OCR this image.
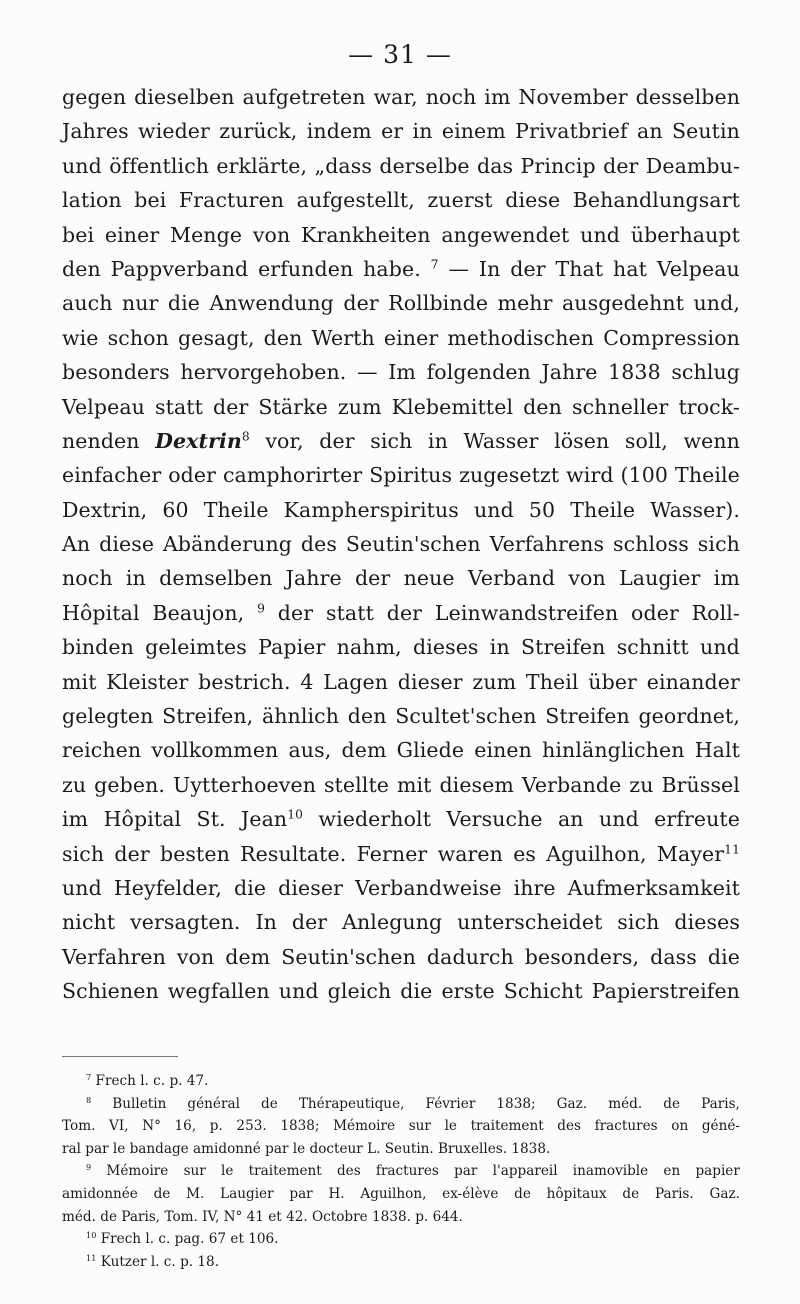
— 31 —
gegen dieselben aufgetreten war, noch im November desselben
Jahres wieder zurück, indem er in einem Privatbrief an Seutin
und öffentlich erklärte, „dass derselbe das Princip der Deambu-
lation bei Fracturen aufgestellt, zuerst diese Behandlungsart
bei einer Menge von Krankheiten angewendet und überhaupt
den Pappverband erfunden habe. $^7$ — In der That hat Velpeau
auch nur die Anwendung der Rollbinde mehr ausgedehnt und,
wie schon gesagt, den Werth einer methodischen Compression
besonders hervorgehoben. — Im folgenden Jahre 1838 schlug
Velpeau statt der Stärke zum Klebemittel den schneller trock-
nenden Dextrin$^8$ vor, der sich in Wasser lösen soll, wenn
einfacher oder camphorirter Spiritus zugesetzt wird (100 Theile
Dextrin, 60 Theile Kampherspiritus und 50 Theile Wasser).
An diese Abänderung des Seutin'schen Verfahrens schloss sich
noch in demselben Jahre der neue Verband von Laugier im
Hôpital Beaujon, $^9$ der statt der Leinwandstreifen oder Roll-
binden geleimtes Papier nahm, dieses in Streifen schnitt und
mit Kleister bestrich. 4 Lagen dieser zum Theil über einander
gelegten Streifen, ähnlich den Scultet'schen Streifen geordnet,
reichen vollkommen aus, dem Gliede einen hinlänglichen Halt
zu geben. Uytterhoeven stellte mit diesem Verbande zu Brüssel
im Hôpital St. Jean$^{10}$ wiederholt Versuche an und erfreute
sich der besten Resultate. Ferner waren es Aguilhon, Mayer$^{11}$
und Heyfelder, die dieser Verbandweise ihre Aufmerksamkeit
nicht versagten. In der Anlegung unterscheidet sich dieses
Verfahren von dem Seutin'schen dadurch besonders, dass die
Schienen wegfallen und gleich die erste Schicht Papierstreifen
$^7$ Frech l. c. p. 47.
$^8$ Bulletin général de Thérapeutique, Février 1838; Gaz. méd. de Paris,
Tom. VI, N° 16, p. 253. 1838; Mémoire sur le traitement des fractures on géné-
ral par le bandage amidonné par le docteur L. Seutin. Bruxelles. 1838.
$^9$ Mémoire sur le traitement des fractures par l'appareil inamovible en papier
amidonnée de M. Laugier par H. Aguilhon, ex-élève de hôpitaux de Paris. Gaz.
méd. de Paris, Tom. IV, N° 41 et 42. Octobre 1838. p. 644.
$^{10}$ Frech l. c. pag. 67 et 106.
$^{11}$ Kutzer l. c. p. 18.
